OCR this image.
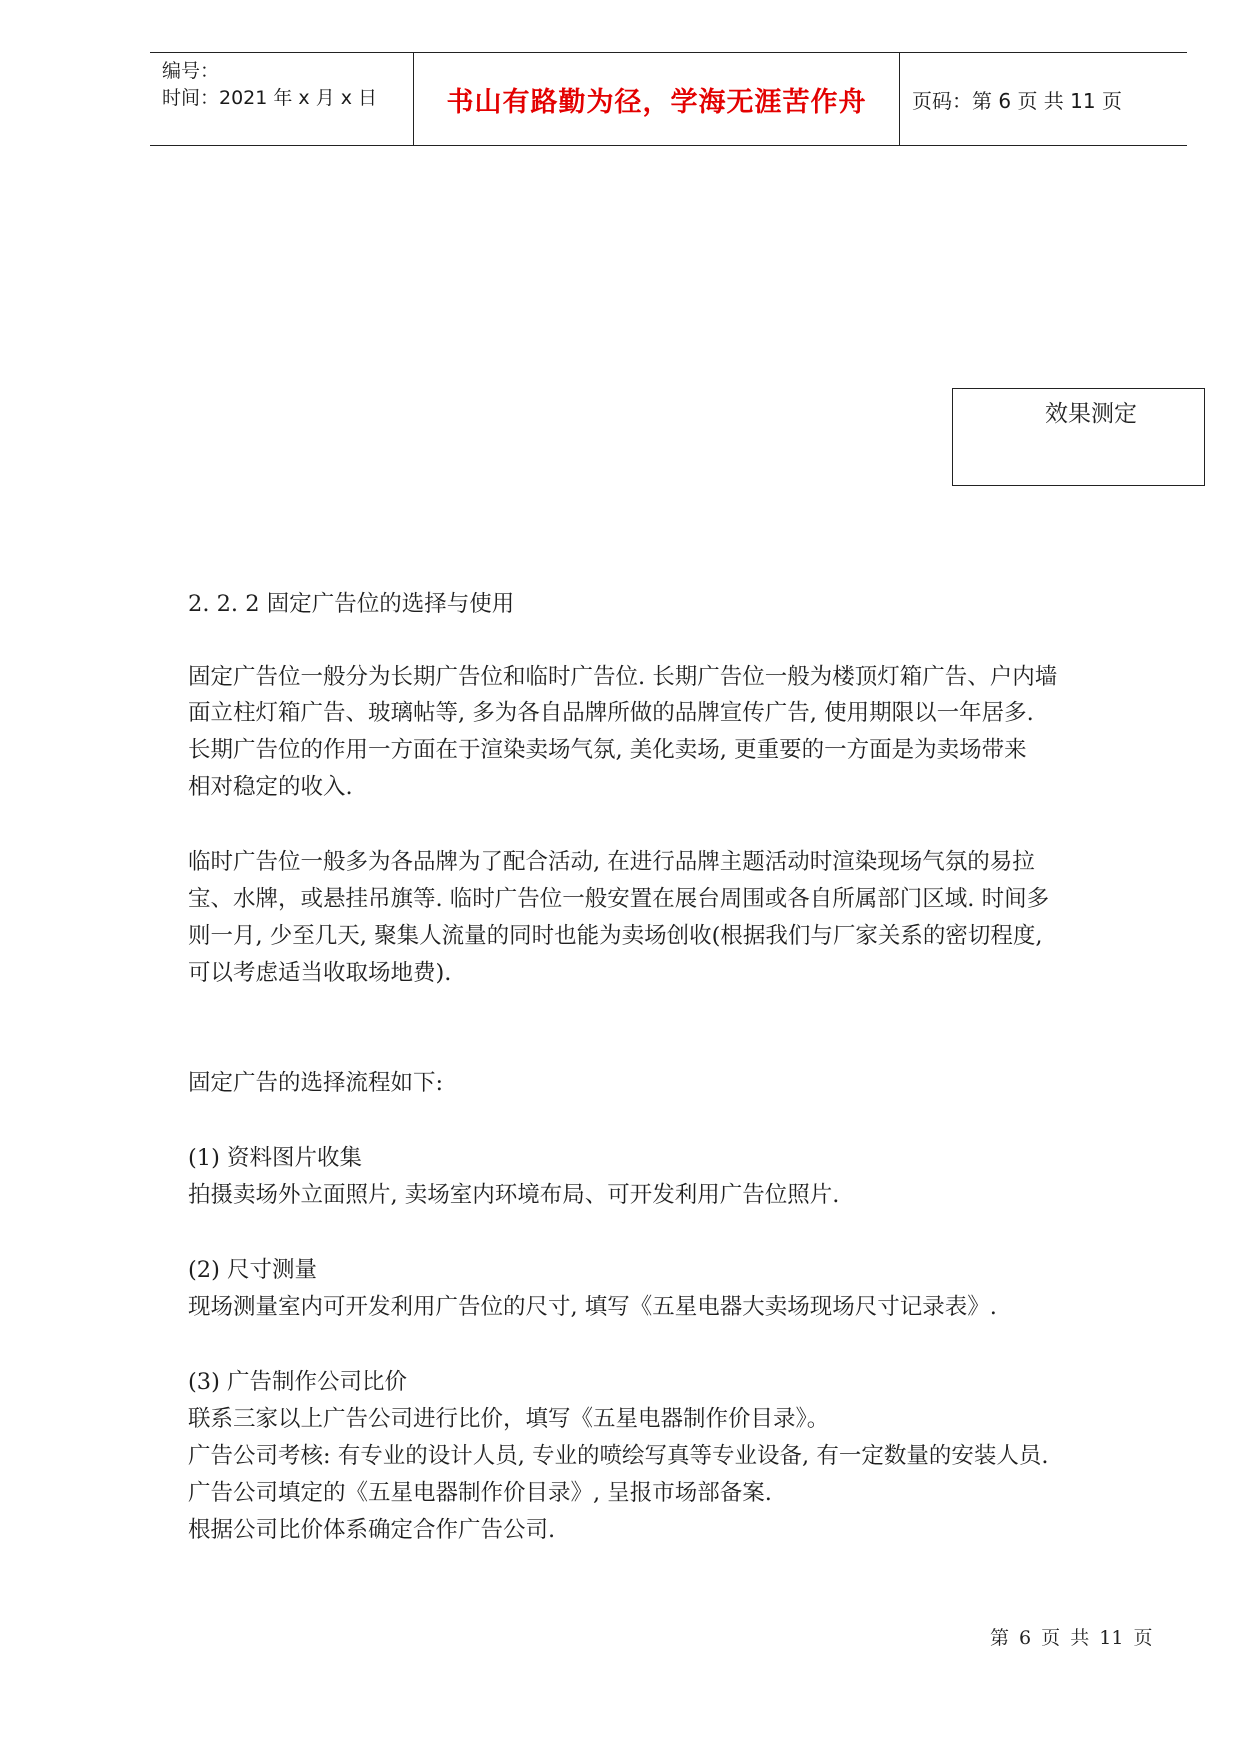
编号：
时间：2021 年 x 月 x 日	书山有路勤为径，学海无涯苦作舟 页码：第 6 页 共 11 页
效果测定
2. 2. 2 固定广告位的选择与使用
固定广告位一般分为长期广告位和临时广告位. 长期广告位一般为楼顶灯箱广告、户内墙
面立柱灯箱广告、玻璃帖等, 多为各自品牌所做的品牌宣传广告, 使用期限以一年居多.
长期广告位的作用一方面在于渲染卖场气氛, 美化卖场, 更重要的一方面是为卖场带来
相对稳定的收入.
临时广告位一般多为各品牌为了配合活动, 在进行品牌主题活动时渲染现场气氛的易拉
宝、水牌，或悬挂吊旗等. 临时广告位一般安置在展台周围或各自所属部门区域. 时间多
则一月, 少至几天, 聚集人流量的同时也能为卖场创收(根据我们与厂家关系的密切程度,
可以考虑适当收取场地费).
固定广告的选择流程如下:
(1) 资料图片收集
拍摄卖场外立面照片, 卖场室内环境布局、可开发利用广告位照片.
(2) 尺寸测量
现场测量室内可开发利用广告位的尺寸, 填写《五星电器大卖场现场尺寸记录表》.
(3) 广告制作公司比价
联系三家以上广告公司进行比价，填写《五星电器制作价目录》。
广告公司考核: 有专业的设计人员, 专业的喷绘写真等专业设备, 有一定数量的安装人员.
广告公司填定的《五星电器制作价目录》, 呈报市场部备案.
根据公司比价体系确定合作广告公司.
第 6 页 共 11 页
